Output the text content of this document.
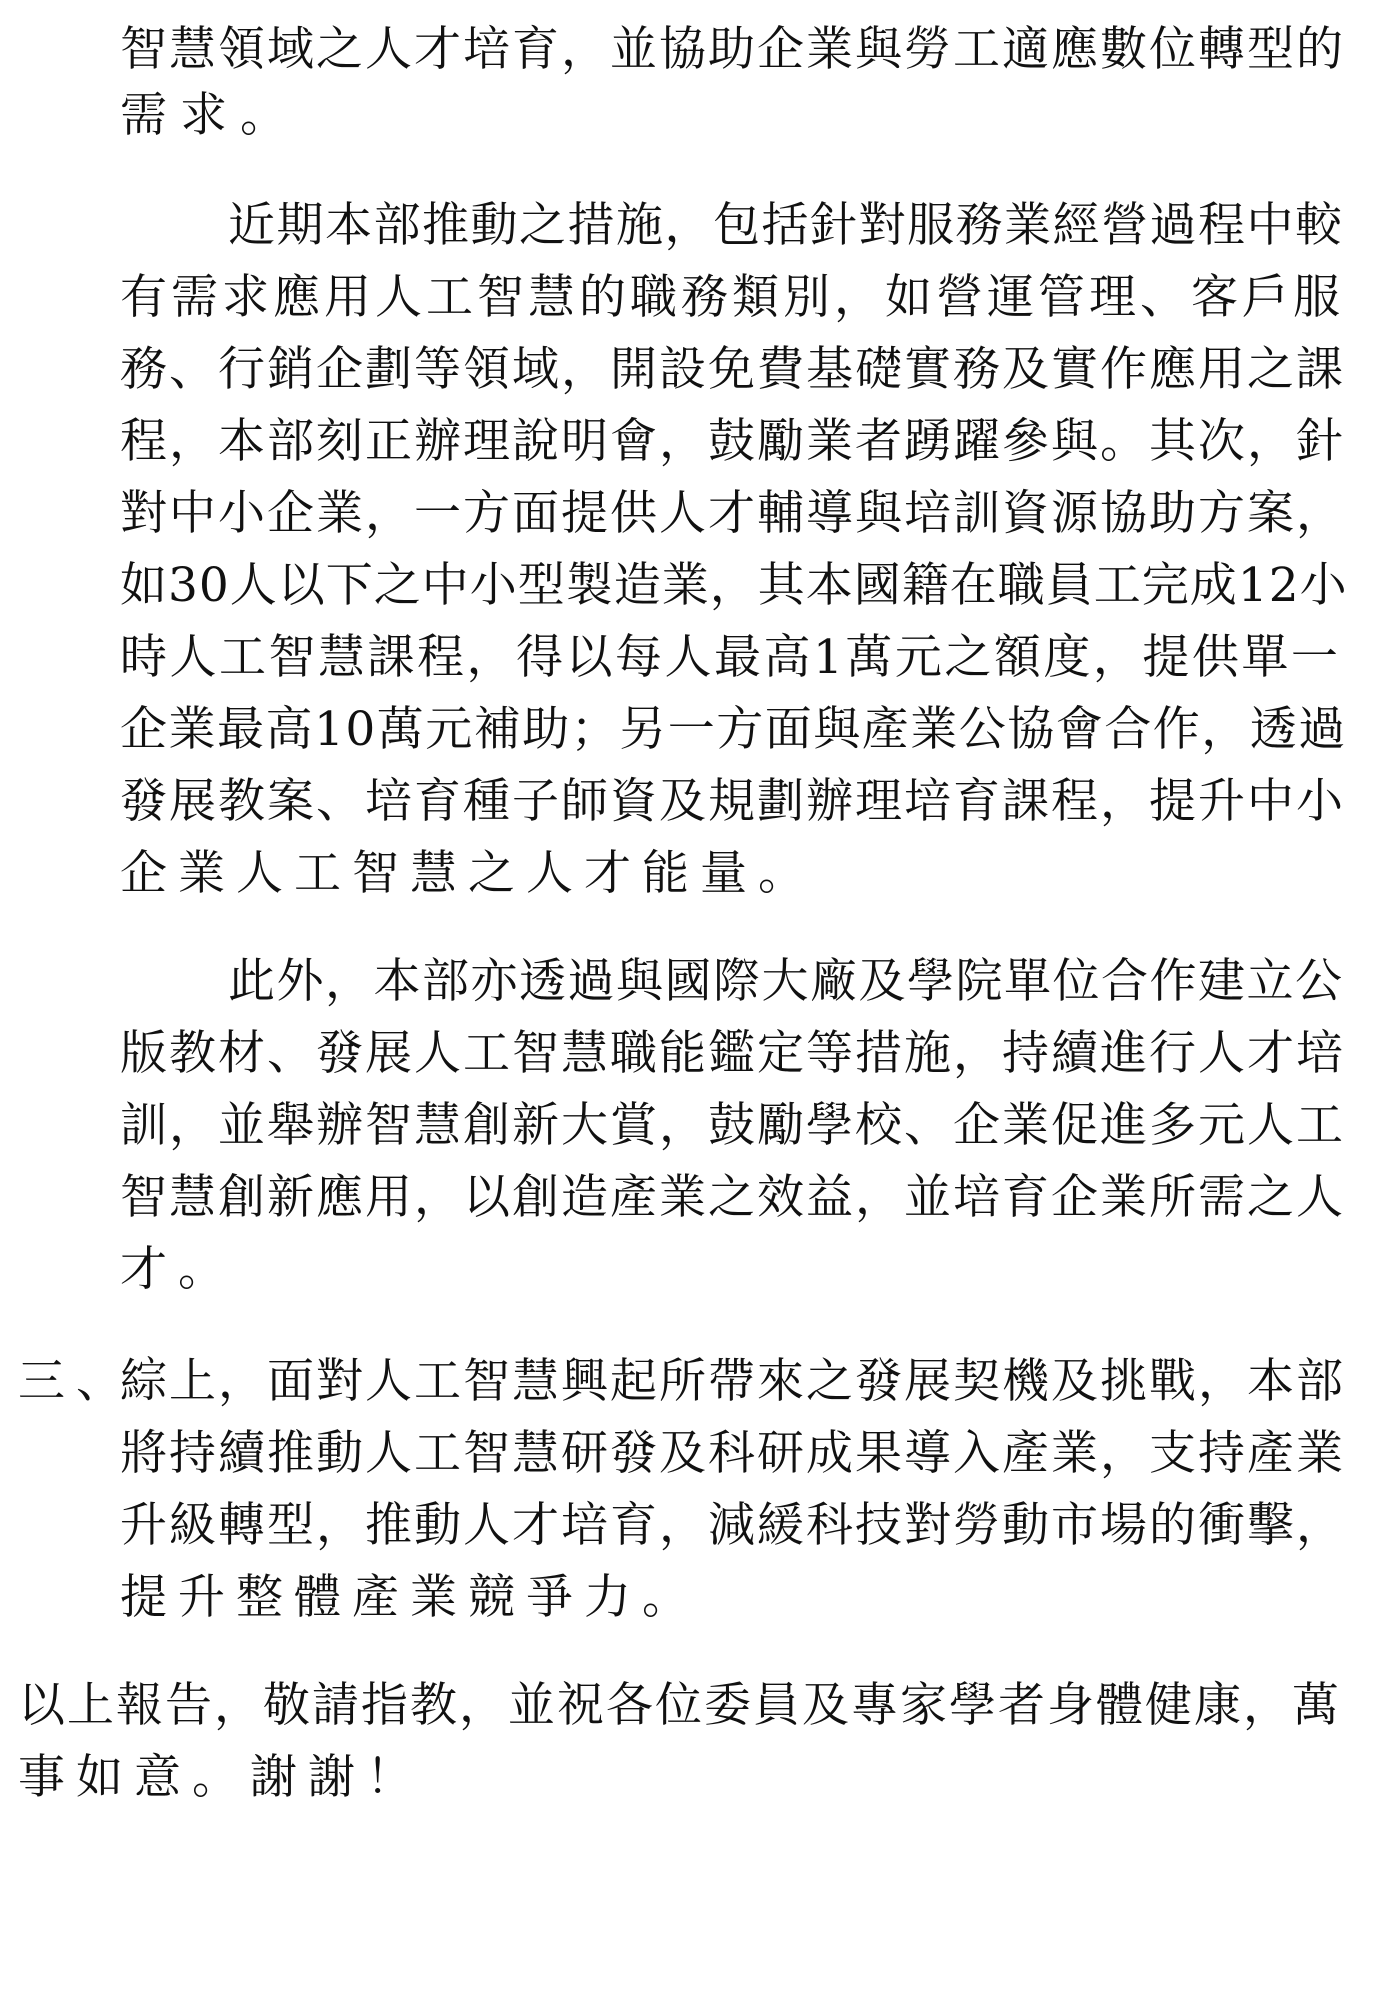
智慧領域之人才培育，並協助企業與勞工適應數位轉型的
需求。
近期本部推動之措施，包括針對服務業經營過程中較
有需求應用人工智慧的職務類別，如營運管理、客戶服
務、行銷企劃等領域，開設免費基礎實務及實作應用之課
程，本部刻正辦理說明會，鼓勵業者踴躍參與。其次，針
對中小企業，一方面提供人才輔導與培訓資源協助方案，
如30人以下之中小型製造業，其本國籍在職員工完成12小
時人工智慧課程，得以每人最高1萬元之額度，提供單一
企業最高10萬元補助；另一方面與產業公協會合作，透過
發展教案、培育種子師資及規劃辦理培育課程，提升中小
企業人工智慧之人才能量。
此外，本部亦透過與國際大廠及學院單位合作建立公
版教材、發展人工智慧職能鑑定等措施，持續進行人才培
訓，並舉辦智慧創新大賞，鼓勵學校、企業促進多元人工
智慧創新應用，以創造產業之效益，並培育企業所需之人
才。
三、
綜上，面對人工智慧興起所帶來之發展契機及挑戰，本部
將持續推動人工智慧研發及科研成果導入產業，支持產業
升級轉型，推動人才培育，減緩科技對勞動市場的衝擊，
提升整體產業競爭力。
以上報告，敬請指教，並祝各位委員及專家學者身體健康，萬
事如意。謝謝！
